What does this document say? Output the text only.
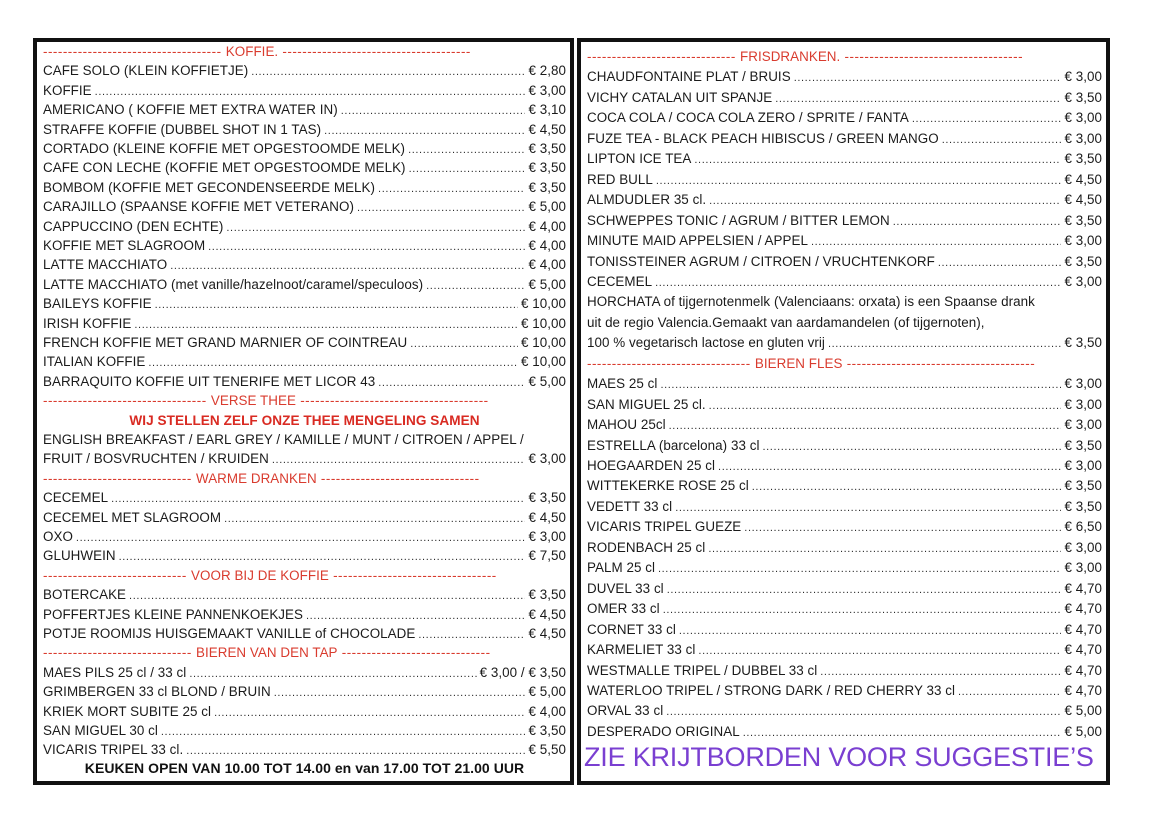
------------------------------------ KOFFIE. --------------------------------------
CAFE SOLO (KLEIN KOFFIETJE) .....	€ 2,80
KOFFIE .....	€ 3,00
AMERICANO ( KOFFIE MET EXTRA WATER IN) .....	€ 3,10
STRAFFE KOFFIE (DUBBEL SHOT IN 1 TAS) .....	€ 4,50
CORTADO (KLEINE KOFFIE MET OPGESTOOMDE MELK) .....	€ 3,50
CAFE CON LECHE (KOFFIE MET OPGESTOOMDE MELK) .....	€ 3,50
BOMBOM (KOFFIE MET GECONDENSEERDE MELK) .....	€ 3,50
CARAJILLO (SPAANSE KOFFIE MET VETERANO) .....	€ 5,00
CAPPUCCINO (DEN ECHTE) .....	€ 4,00
KOFFIE MET SLAGROOM .....	€ 4,00
LATTE MACCHIATO .....	€ 4,00
LATTE MACCHIATO (met vanille/hazelnoot/caramel/speculoos) .....	€ 5,00
BAILEYS KOFFIE .....	€ 10,00
IRISH KOFFIE .....	€ 10,00
FRENCH KOFFIE MET GRAND MARNIER OF COINTREAU .....	€ 10,00
ITALIAN KOFFIE .....	€ 10,00
BARRAQUITO KOFFIE UIT TENERIFE MET LICOR 43 .....	€ 5,00
--------------------------------- VERSE THEE --------------------------------------
WIJ STELLEN ZELF ONZE THEE MENGELING SAMEN
ENGLISH BREAKFAST / EARL GREY / KAMILLE / MUNT / CITROEN / APPEL /
FRUIT / BOSVRUCHTEN / KRUIDEN .....	€ 3,00
------------------------------ WARME DRANKEN --------------------------------
CECEMEL .....	€ 3,50
CECEMEL MET SLAGROOM .....	€ 4,50
OXO .....	€ 3,00
GLUHWEIN .....	€ 7,50
----------------------------- VOOR BIJ DE KOFFIE ---------------------------------
BOTERCAKE .....	€ 3,50
POFFERTJES KLEINE PANNENKOEKJES .....	€ 4,50
POTJE ROOMIJS HUISGEMAAKT VANILLE of CHOCOLADE .....	€ 4,50
------------------------------ BIEREN VAN DEN TAP ------------------------------
MAES PILS 25 cl / 33 cl .....	€ 3,00 / € 3,50
GRIMBERGEN 33 cl BLOND / BRUIN .....	€ 5,00
KRIEK MORT SUBITE 25 cl .....	€ 4,00
SAN MIGUEL 30 cl .....	€ 3,50
VICARIS TRIPEL 33 cl. .....	€ 5,50
KEUKEN OPEN VAN 10.00 TOT 14.00 en van 17.00 TOT 21.00 UUR
------------------------------ FRISDRANKEN. ------------------------------------
CHAUDFONTAINE PLAT / BRUIS .....	€ 3,00
VICHY CATALAN UIT SPANJE .....	€ 3,50
COCA COLA / COCA COLA ZERO / SPRITE / FANTA .....	€ 3,00
FUZE TEA - BLACK PEACH HIBISCUS / GREEN MANGO .....	€ 3,00
LIPTON ICE TEA .....	€ 3,50
RED BULL .....	€ 4,50
ALMDUDLER 35 cl. .....	€ 4,50
SCHWEPPES TONIC / AGRUM / BITTER LEMON .....	€ 3,50
MINUTE MAID APPELSIEN / APPEL .....	€ 3,00
TONISSTEINER AGRUM / CITROEN / VRUCHTENKORF .....	€ 3,50
CECEMEL .....	€ 3,00
HORCHATA of tijgernotenmelk (Valenciaans: orxata) is een Spaanse drank
uit de regio Valencia.Gemaakt van aardamandelen (of tijgernoten),
100 % vegetarisch lactose en gluten vrij .....	€ 3,50
--------------------------------- BIEREN FLES --------------------------------------
MAES 25 cl .....	€ 3,00
SAN MIGUEL 25 cl. .....	€ 3,00
MAHOU 25cl .....	€ 3,00
ESTRELLA (barcelona) 33 cl .....	€ 3,50
HOEGAARDEN 25 cl .....	€ 3,00
WITTEKERKE ROSE 25 cl .....	€ 3,50
VEDETT 33 cl .....	€ 3,50
VICARIS TRIPEL GUEZE .....	€ 6,50
RODENBACH 25 cl .....	€ 3,00
PALM 25 cl .....	€ 3,00
DUVEL 33 cl .....	€ 4,70
OMER 33 cl .....	€ 4,70
CORNET 33 cl .....	€ 4,70
KARMELIET 33 cl .....	€ 4,70
WESTMALLE TRIPEL / DUBBEL 33 cl .....	€ 4,70
WATERLOO TRIPEL / STRONG DARK / RED CHERRY 33 cl .....	€ 4,70
ORVAL 33 cl .....	€ 5,00
DESPERADO ORIGINAL .....	€ 5,00
ZIE KRIJTBORDEN VOOR SUGGESTIE’S
